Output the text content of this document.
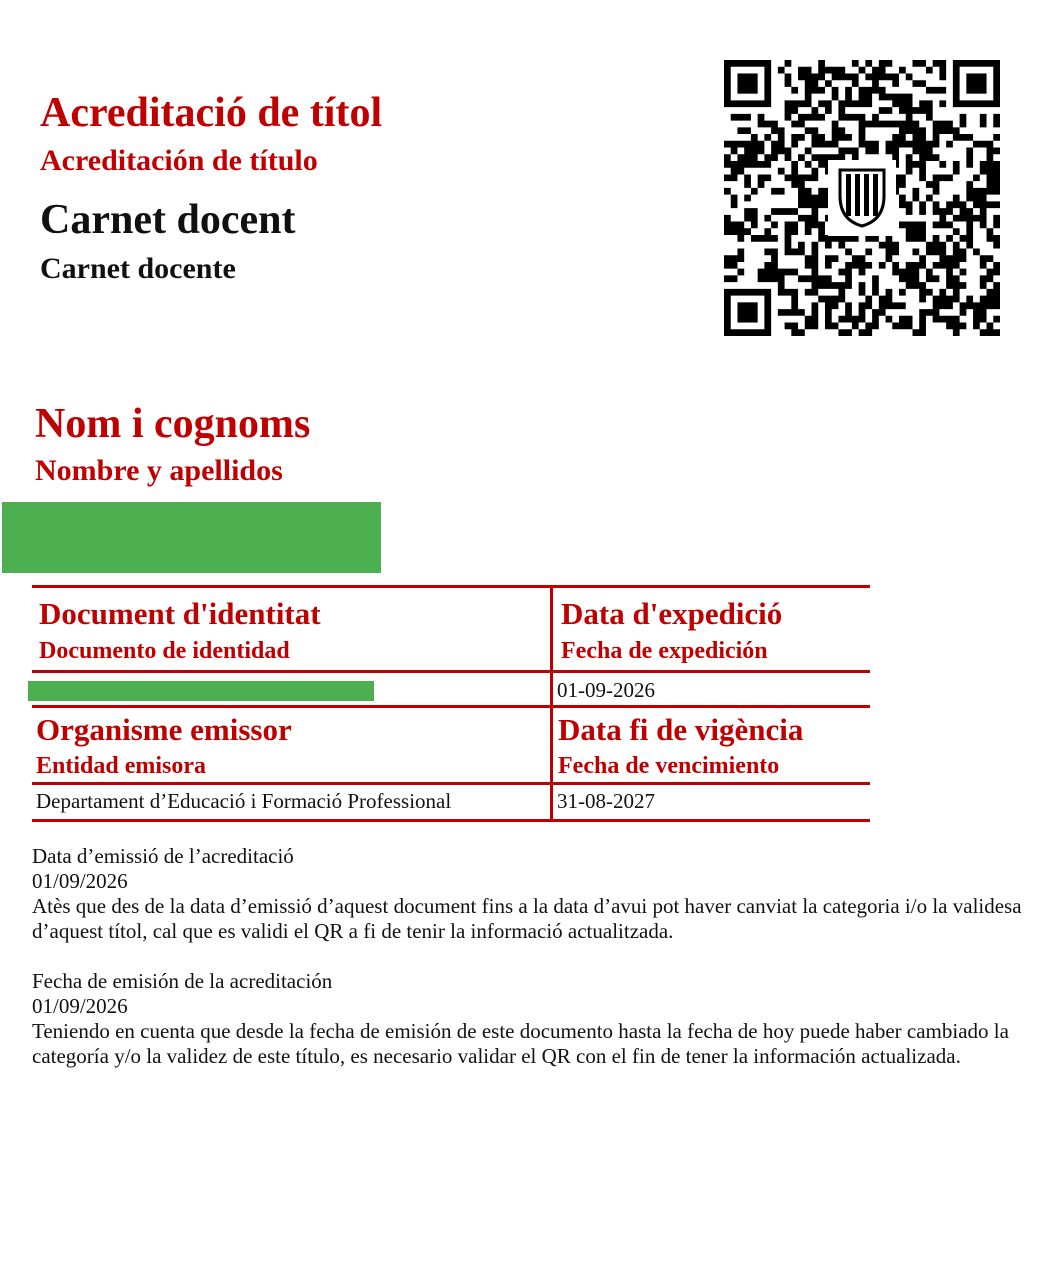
Acreditació de títol
Acreditación de título
Carnet docent
Carnet docente
Nom i cognoms
Nombre y apellidos
Document d'identitat
Documento de identidad
Data d'expedició
Fecha de expedición
01-09-2026
Organisme emissor
Entidad emisora
Departament d’Educació i Formació Professional
Data fi de vigència
Fecha de vencimiento
31-08-2027

Data d’emissió de l’acreditació

01/09/2026

Atès que des de la data d’emissió d’aquest document fins a la data d’avui pot haver canviat la categoria i/o la validesa d’aquest títol, cal que es validi el QR a fi de tenir la informació actualitzada.

Fecha de emisión de la acreditación

01/09/2026

Teniendo en cuenta que desde la fecha de emisión de este documento hasta la fecha de hoy puede haber cambiado la categoría y/o la validez de este título, es necesario validar el QR con el fin de tener la información actualizada.
